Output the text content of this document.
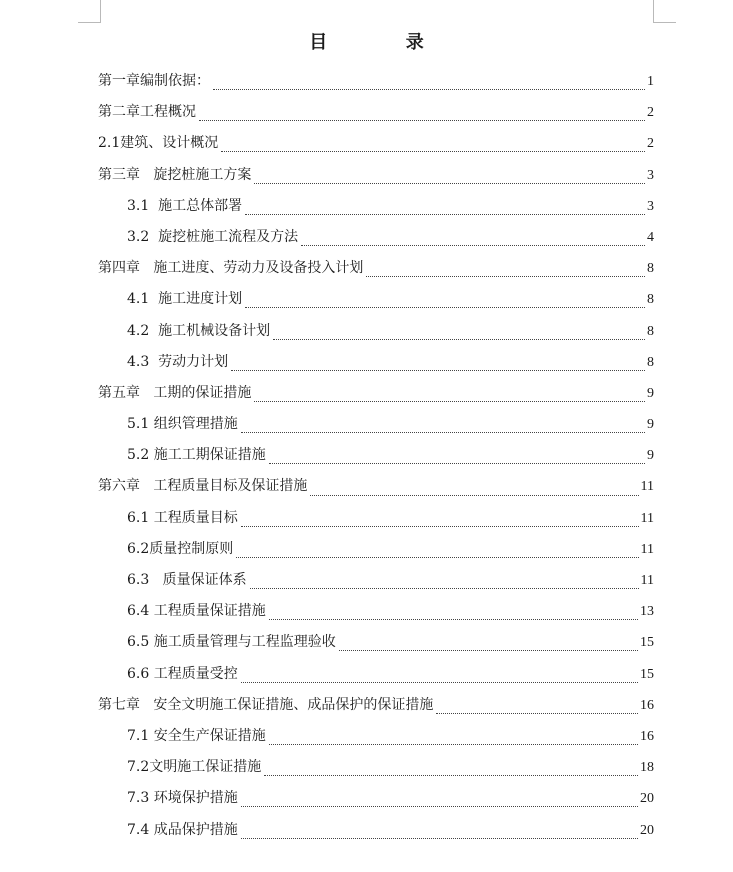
目  录
第一章编制依据：	1
第二章工程概况	2
2.1建筑、设计概况	2
第三章   旋挖桩施工方案	3
3.1  施工总体部署	3
3.2  旋挖桩施工流程及方法	4
第四章   施工进度、劳动力及设备投入计划	8
4.1  施工进度计划	8
4.2  施工机械设备计划	8
4.3  劳动力计划	8
第五章   工期的保证措施	9
5.1 组织管理措施	9
5.2 施工工期保证措施	9
第六章   工程质量目标及保证措施	11
6.1 工程质量目标	11
6.2质量控制原则	11
6.3   质量保证体系	11
6.4 工程质量保证措施	13
6.5 施工质量管理与工程监理验收	15
6.6 工程质量受控	15
第七章   安全文明施工保证措施、成品保护的保证措施	16
7.1 安全生产保证措施	16
7.2文明施工保证措施	18
7.3 环境保护措施	20
7.4 成品保护措施	20
